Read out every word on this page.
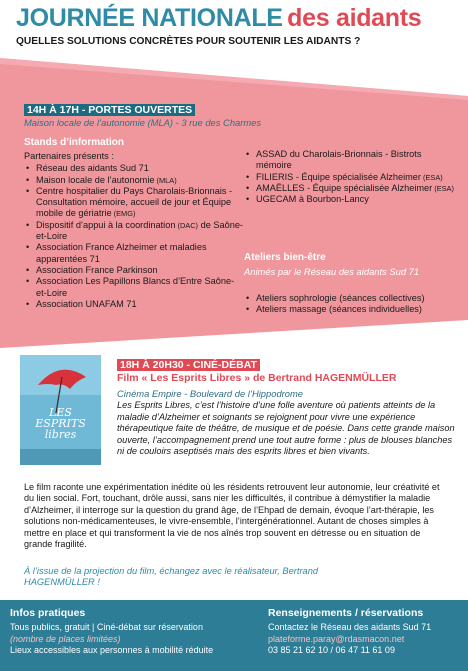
JOURNÉE NATIONALE des aidants
QUELLES SOLUTIONS CONCRÈTES POUR SOUTENIR LES AIDANTS ?
14H À 17H - PORTES OUVERTES
Maison locale de l’autonomie (MLA) - 3 rue des Charmes
Stands d’information
Partenaires présents :
• Réseau des aidants Sud 71
• Maison locale de l’autonomie (MLA)
• Centre hospitalier du Pays Charolais-Brionnais - Consultation mémoire, accueil de jour et Équipe mobile de gériatrie (EMG)
• Dispositif d’appui à la coordination (DAC) de Saône-et-Loire
• Association France Alzheimer et maladies apparentées 71
• Association France Parkinson
• Association Les Papillons Blancs d’Entre Saône-et-Loire
• Association UNAFAM 71
• ASSAD du Charolais-Brionnais - Bistrots mémoire
• FILIERIS - Équipe spécialisée Alzheimer (ESA)
• AMAËLLES - Équipe spécialisée Alzheimer (ESA)
• UGECAM à Bourbon-Lancy
Ateliers bien-être
Animés par le Réseau des aidants Sud 71
• Ateliers sophrologie (séances collectives)
• Ateliers massage (séances individuelles)
LES
ESPRITS
libres
18H À 20H30 - CINÉ-DÉBAT
Film « Les Esprits Libres » de Bertrand HAGENMÜLLER
Cinéma Empire - Boulevard de l’Hippodrome
Les Esprits Libres, c’est l’histoire d’une folle aventure où patients atteints de la maladie d’Alzheimer et soignants se rejoignent pour vivre une expérience thérapeutique faite de théâtre, de musique et de poésie. Dans cette grande maison ouverte, l’accompagnement prend une tout autre forme : plus de blouses blanches ni de couloirs aseptisés mais des esprits libres et bien vivants.
Le film raconte une expérimentation inédite où les résidents retrouvent leur autonomie, leur créativité et du lien social. Fort, touchant, drôle aussi, sans nier les difficultés, il contribue à démystifier la maladie d’Alzheimer, il interroge sur la question du grand âge, de l’Ehpad de demain, évoque l’art-thérapie, les solutions non-médicamenteuses, le vivre-ensemble, l’intergénérationnel. Autant de choses simples à mettre en place et qui transforment la vie de nos aînés trop souvent en détresse ou en situation de grande fragilité.
À l’issue de la projection du film, échangez avec le réalisateur, Bertrand HAGENMÜLLER !
Infos pratiques
Tous publics, gratuit | Ciné-débat sur réservation
(nombre de places limitées)
Lieux accessibles aux personnes à mobilité réduite
Renseignements / réservations
Contactez le Réseau des aidants Sud 71
plateforme.paray@rdasmacon.net
03 85 21 62 10 / 06 47 11 61 09
